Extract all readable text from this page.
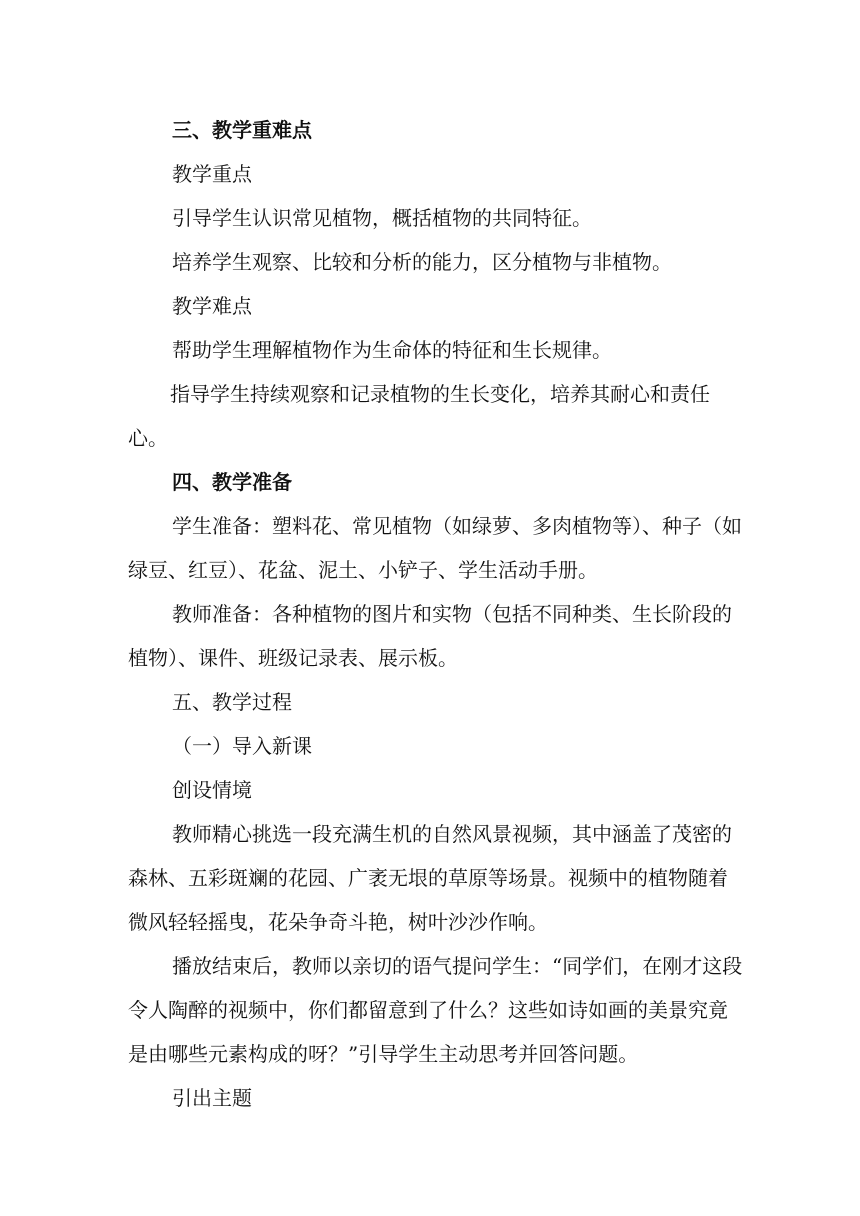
三、教学重难点

教学重点

引导学生认识常见植物，概括植物的共同特征。

培养学生观察、比较和分析的能力，区分植物与非植物。

教学难点

帮助学生理解植物作为生命体的特征和生长规律。

指导学生持续观察和记录植物的生长变化，培养其耐心和责任心。

四、教学准备

学生准备：塑料花、常见植物（如绿萝、多肉植物等）、种子（如绿豆、红豆）、花盆、泥土、小铲子、学生活动手册。

教师准备：各种植物的图片和实物（包括不同种类、生长阶段的植物）、课件、班级记录表、展示板。

五、教学过程

（一）导入新课

创设情境

教师精心挑选一段充满生机的自然风景视频，其中涵盖了茂密的森林、五彩斑斓的花园、广袤无垠的草原等场景。视频中的植物随着微风轻轻摇曳，花朵争奇斗艳，树叶沙沙作响。

播放结束后，教师以亲切的语气提问学生：“同学们，在刚才这段令人陶醉的视频中，你们都留意到了什么？这些如诗如画的美景究竟是由哪些元素构成的呀？”引导学生主动思考并回答问题。

引出主题
